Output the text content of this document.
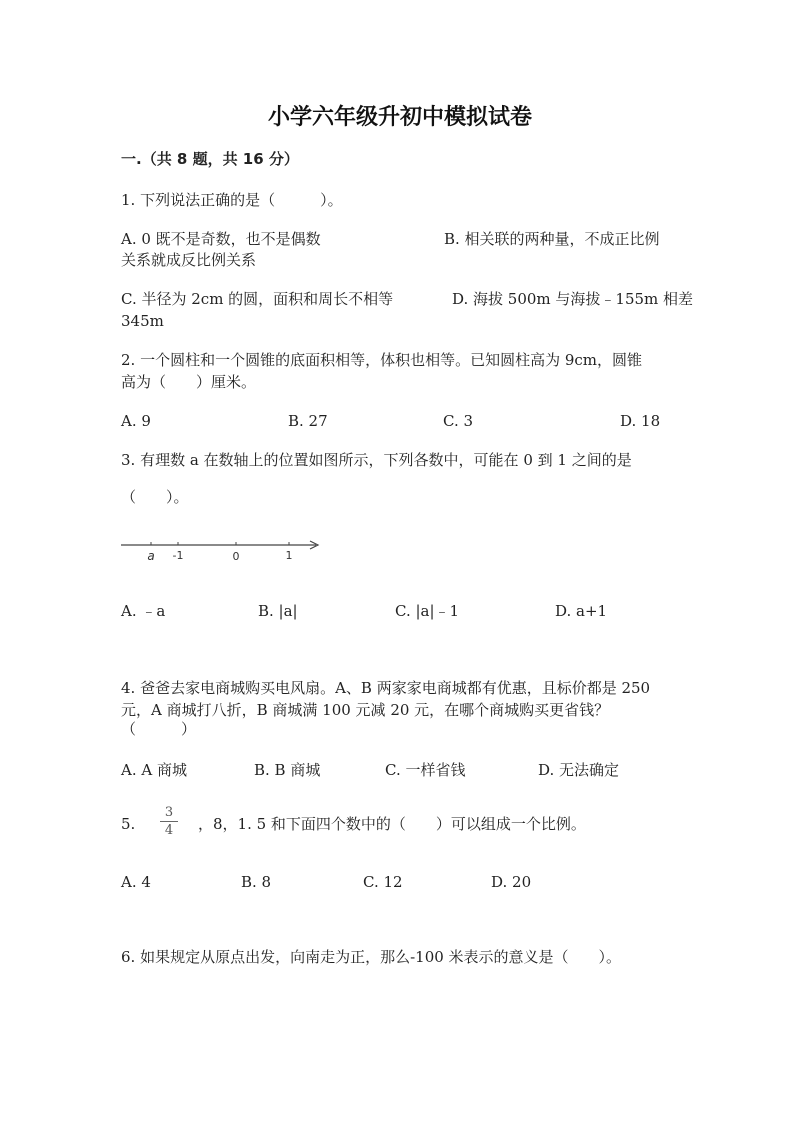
小学六年级升初中模拟试卷
一.（共 8 题，共 16 分）
1. 下列说法正确的是（　　　）。
A. 0 既不是奇数，也不是偶数	B. 相关联的两种量，不成正比例
关系就成反比例关系
C. 半径为 2cm 的圆，面积和周长不相等	D. 海拔 500m 与海拔﹣155m 相差
345m
2. 一个圆柱和一个圆锥的底面积相等，体积也相等。已知圆柱高为 9cm，圆锥
高为（　　）厘米。
A. 9	B. 27	C. 3	D. 18
3. 有理数 a 在数轴上的位置如图所示，下列各数中，可能在 0 到 1 之间的是
（　　）。
a -1	0	1
A. ﹣a	B. |a|	C. |a|﹣1	D. a+1
4. 爸爸去家电商城购买电风扇。A、B 两家家电商城都有优惠，且标价都是 250
元，A 商城打八折，B 商城满 100 元减 20 元，在哪个商城购买更省钱？
（　　　）
A. A 商城	B. B 商城	C. 一样省钱	D. 无法确定
5.
3
4	，8，1. 5 和下面四个数中的（　　）可以组成一个比例。
A. 4	B. 8	C. 12	D. 20
6. 如果规定从原点出发，向南走为正，那么-100 米表示的意义是（　　）。
